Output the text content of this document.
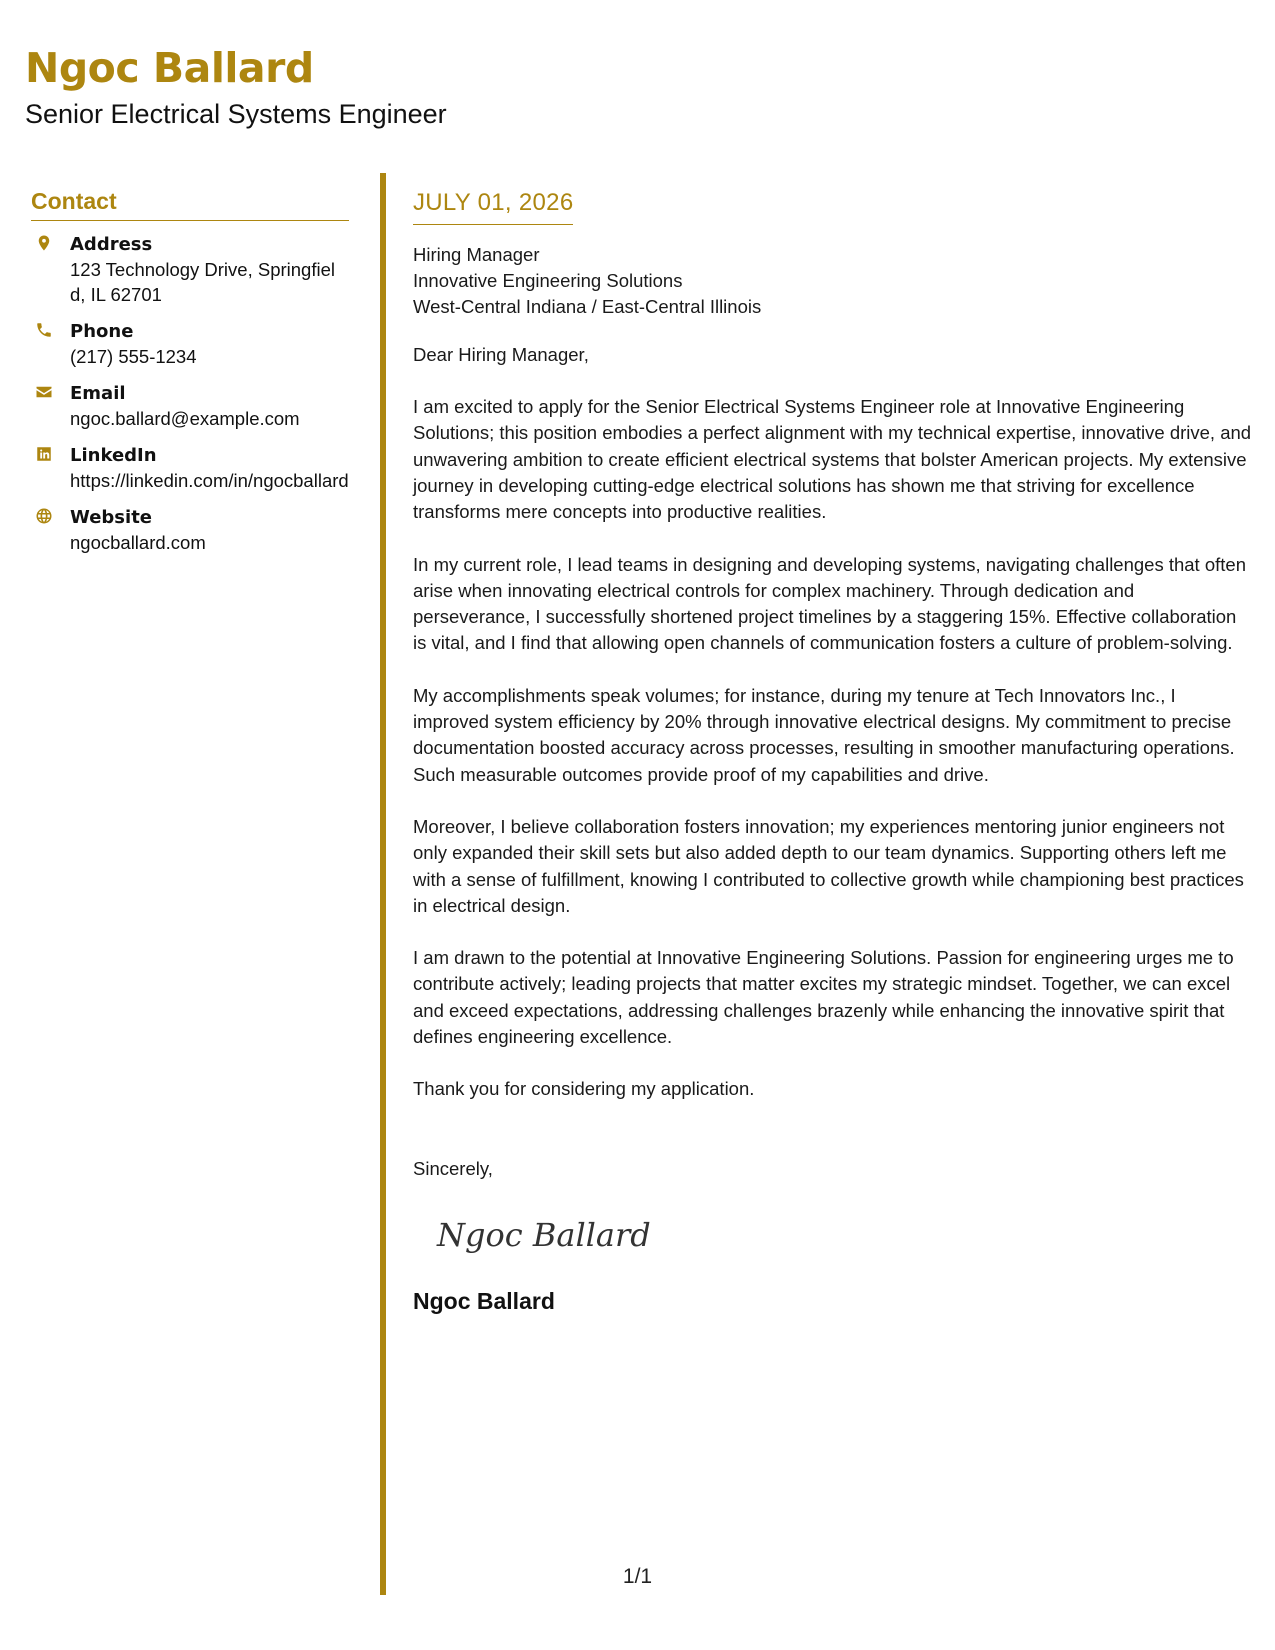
Ngoc Ballard
Senior Electrical Systems Engineer
Contact
Address
123 Technology Drive, Springfield, IL 62701
Phone
(217) 555-1234
Email
ngoc.ballard@example.com
LinkedIn
https://linkedin.com/in/ngocballard
Website
ngocballard.com
JULY 01, 2026
Hiring Manager
Innovative Engineering Solutions
West-Central Indiana / East-Central Illinois
Dear Hiring Manager,

I am excited to apply for the Senior Electrical Systems Engineer role at Innovative Engineering Solutions; this position embodies a perfect alignment with my technical expertise, innovative drive, and unwavering ambition to create efficient electrical systems that bolster American projects. My extensive journey in developing cutting-edge electrical solutions has shown me that striving for excellence transforms mere concepts into productive realities.

In my current role, I lead teams in designing and developing systems, navigating challenges that often arise when innovating electrical controls for complex machinery. Through dedication and perseverance, I successfully shortened project timelines by a staggering 15%. Effective collaboration is vital, and I find that allowing open channels of communication fosters a culture of problem-solving.

My accomplishments speak volumes; for instance, during my tenure at Tech Innovators Inc., I improved system efficiency by 20% through innovative electrical designs. My commitment to precise documentation boosted accuracy across processes, resulting in smoother manufacturing operations. Such measurable outcomes provide proof of my capabilities and drive.

Moreover, I believe collaboration fosters innovation; my experiences mentoring junior engineers not only expanded their skill sets but also added depth to our team dynamics. Supporting others left me with a sense of fulfillment, knowing I contributed to collective growth while championing best practices in electrical design.

I am drawn to the potential at Innovative Engineering Solutions. Passion for engineering urges me to contribute actively; leading projects that matter excites my strategic mindset. Together, we can excel and exceed expectations, addressing challenges brazenly while enhancing the innovative spirit that defines engineering excellence.

Thank you for considering my application.
Sincerely,
Ngoc Ballard
Ngoc Ballard
1/1
